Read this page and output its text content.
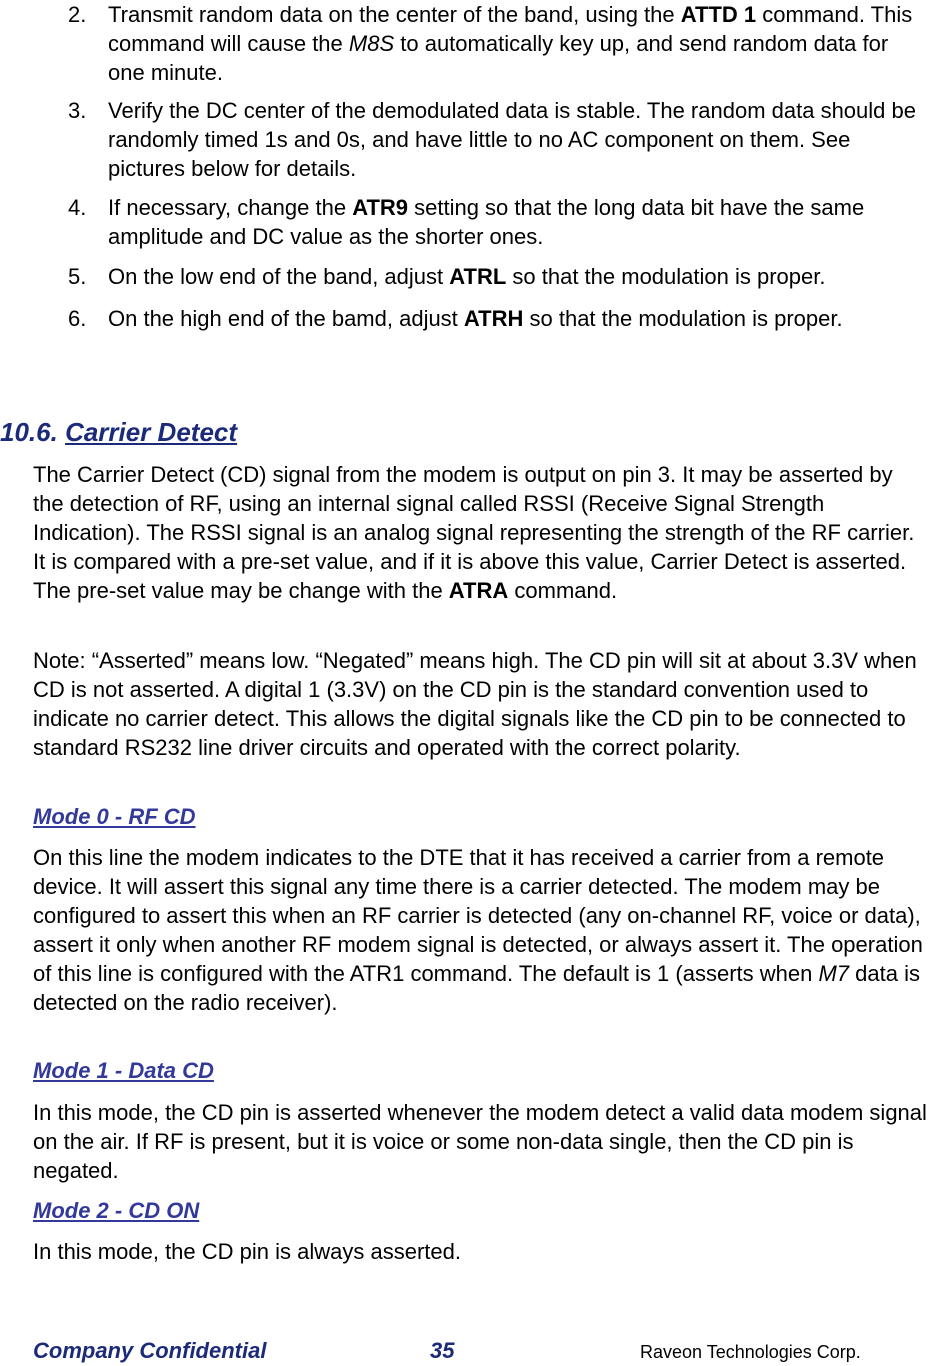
2. Transmit random data on the center of the band, using the ATTD 1 command. This command will cause the M8S to automatically key up, and send random data for one minute.
3. Verify the DC center of the demodulated data is stable. The random data should be randomly timed 1s and 0s, and have little to no AC component on them. See pictures below for details.
4. If necessary, change the ATR9 setting so that the long data bit have the same amplitude and DC value as the shorter ones.
5. On the low end of the band, adjust ATRL so that the modulation is proper.
6. On the high end of the bamd, adjust ATRH so that the modulation is proper.
10.6. Carrier Detect

The Carrier Detect (CD) signal from the modem is output on pin 3. It may be asserted by the detection of RF, using an internal signal called RSSI (Receive Signal Strength Indication). The RSSI signal is an analog signal representing the strength of the RF carrier. It is compared with a pre-set value, and if it is above this value, Carrier Detect is asserted. The pre-set value may be change with the ATRA command.

Note: “Asserted” means low. “Negated” means high. The CD pin will sit at about 3.3V when CD is not asserted. A digital 1 (3.3V) on the CD pin is the standard convention used to indicate no carrier detect. This allows the digital signals like the CD pin to be connected to standard RS232 line driver circuits and operated with the correct polarity.

Mode 0 - RF CD

On this line the modem indicates to the DTE that it has received a carrier from a remote device. It will assert this signal any time there is a carrier detected. The modem may be configured to assert this when an RF carrier is detected (any on-channel RF, voice or data), assert it only when another RF modem signal is detected, or always assert it. The operation of this line is configured with the ATR1 command. The default is 1 (asserts when M7 data is detected on the radio receiver).

Mode 1 - Data CD

In this mode, the CD pin is asserted whenever the modem detect a valid data modem signal on the air. If RF is present, but it is voice or some non-data single, then the CD pin is negated.

Mode 2 - CD ON

In this mode, the CD pin is always asserted.

Company Confidential	35	Raveon Technologies Corp.
